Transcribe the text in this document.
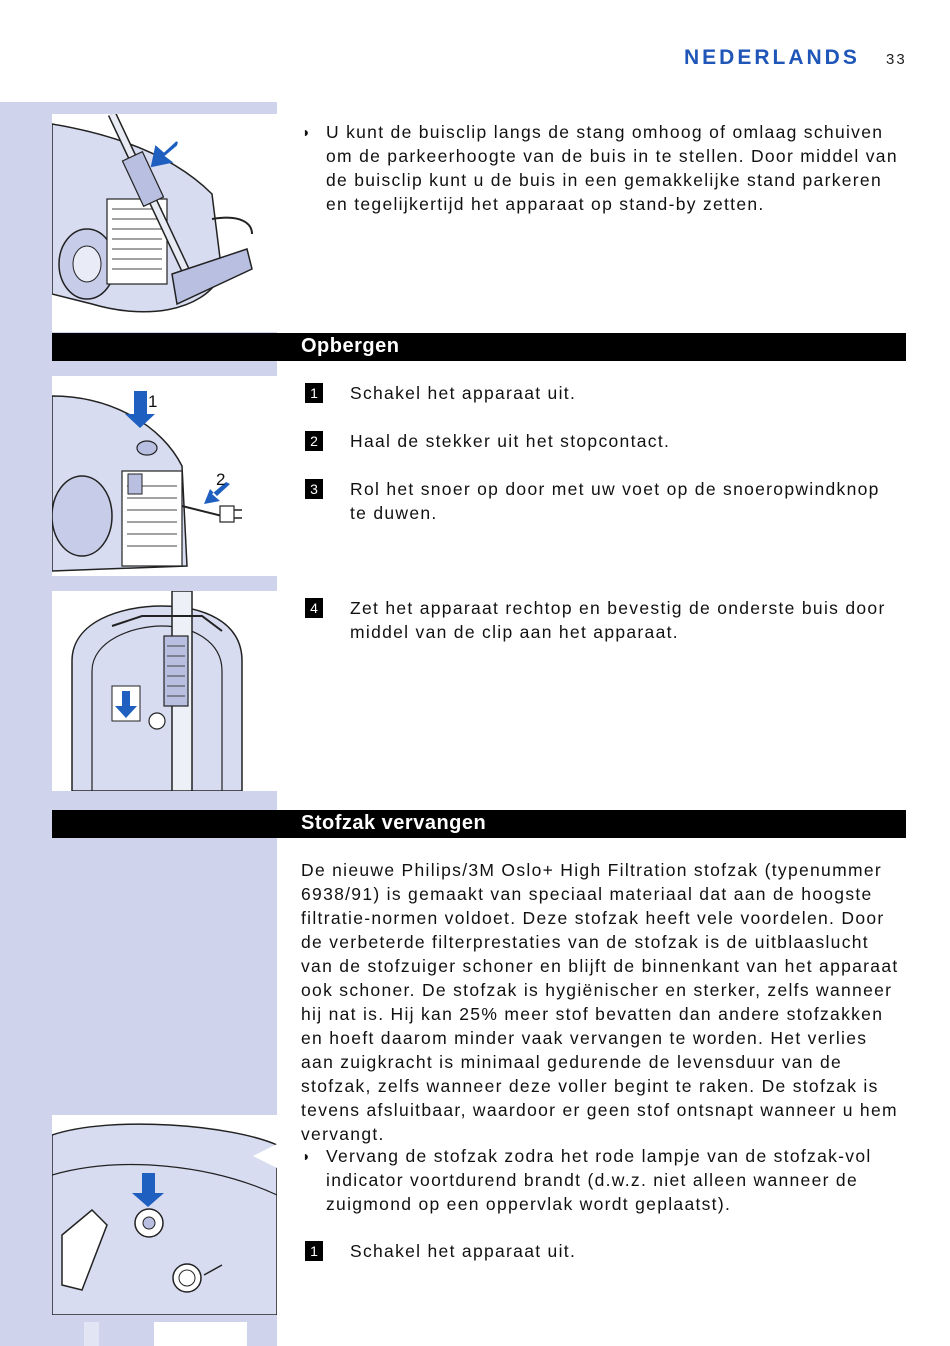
NEDERLANDS 33
◗ U kunt de buisclip langs de stang omhoog of omlaag schuiven om de parkeerhoogte van de buis in te stellen. Door middel van de buisclip kunt u de buis in een gemakkelijke stand parkeren en tegelijkertijd het apparaat op stand-by zetten.
Opbergen
1
2
1 Schakel het apparaat uit.
2 Haal de stekker uit het stopcontact.
3 Rol het snoer op door met uw voet op de snoeropwindknop te duwen.
4 Zet het apparaat rechtop en bevestig de onderste buis door middel van de clip aan het apparaat.
Stofzak vervangen
De nieuwe Philips/3M Oslo+ High Filtration stofzak (typenummer 6938/91) is gemaakt van speciaal materiaal dat aan de hoogste filtratie-normen voldoet. Deze stofzak heeft vele voordelen. Door de verbeterde filterprestaties van de stofzak is de uitblaaslucht van de stofzuiger schoner en blijft de binnenkant van het apparaat ook schoner. De stofzak is hygiënischer en sterker, zelfs wanneer hij nat is. Hij kan 25% meer stof bevatten dan andere stofzakken en hoeft daarom minder vaak vervangen te worden. Het verlies aan zuigkracht is minimaal gedurende de levensduur van de stofzak, zelfs wanneer deze voller begint te raken. De stofzak is tevens afsluitbaar, waardoor er geen stof ontsnapt wanneer u hem vervangt.
◗ Vervang de stofzak zodra het rode lampje van de stofzak-vol indicator voortdurend brandt (d.w.z. niet alleen wanneer de zuigmond op een oppervlak wordt geplaatst).
1 Schakel het apparaat uit.
